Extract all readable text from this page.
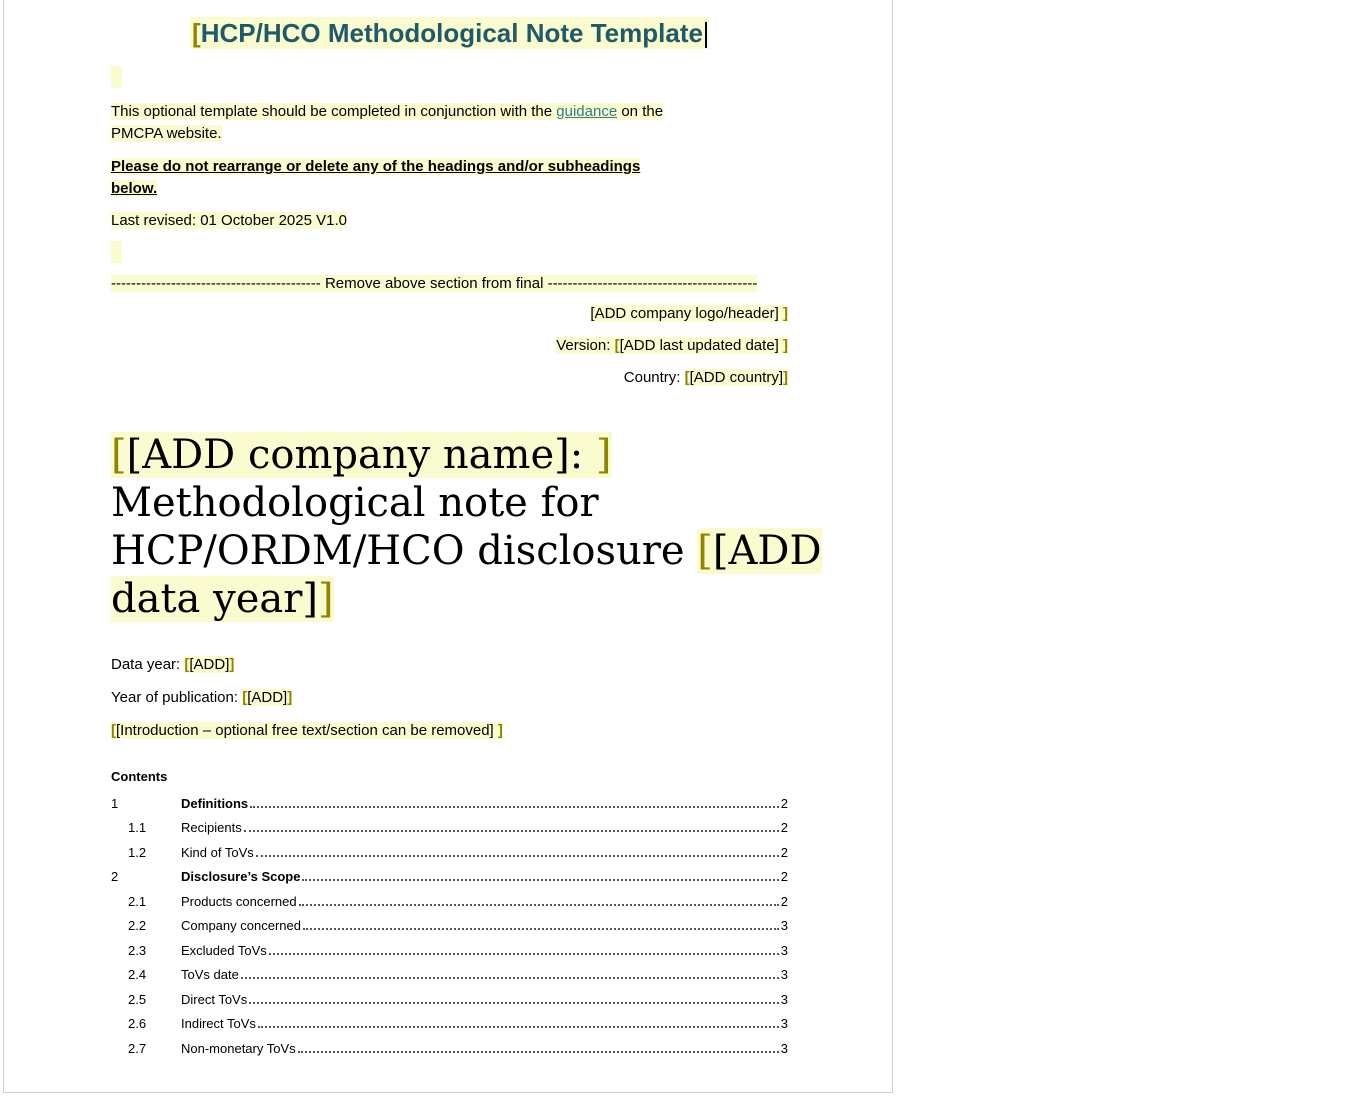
[HCP/HCO Methodological Note Template
This optional template should be completed in conjunction with the guidance on the
PMCPA website.
Please do not rearrange or delete any of the headings and/or subheadings
below.
Last revised: 01 October 2025 V1.0
------------------------------------------ Remove above section from final ------------------------------------------
[ADD company logo/header] ]
Version: [[ADD last updated date] ]
Country: [[ADD country]]
[[ADD company name]: ]
Methodological note for
HCP/ORDM/HCO disclosure [[ADD
data year]]
Data year: [[ADD]]
Year of publication: [[ADD]]
[[Introduction – optional free text/section can be removed] ]
Contents
1	Definitions	2
1.1	Recipients	2
1.2	Kind of ToVs	2
2	Disclosure’s Scope	2
2.1	Products concerned	2
2.2	Company concerned	3
2.3	Excluded ToVs	3
2.4	ToVs date	3
2.5	Direct ToVs	3
2.6	Indirect ToVs	3
2.7	Non-monetary ToVs	3
